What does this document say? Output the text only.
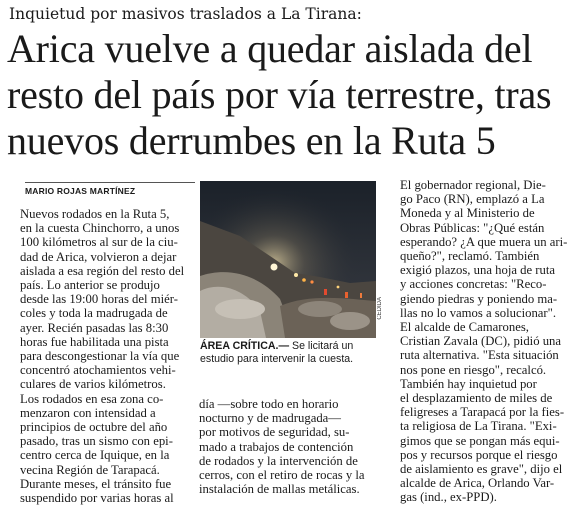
Inquietud por masivos traslados a La Tirana:
Arica vuelve a quedar aislada del
resto del país por vía terrestre, tras
nuevos derrumbes en la Ruta 5
MARIO ROJAS MARTÍNEZ

Nuevos rodados en la Ruta 5,
en la cuesta Chinchorro, a unos
100 kilómetros al sur de la ciu-
dad de Arica, volvieron a dejar
aislada a esa región del resto del
país. Lo anterior se produjo
desde las 19:00 horas del miér-
coles y toda la madrugada de
ayer. Recién pasadas las 8:30
horas fue habilitada una pista
para descongestionar la vía que
concentró atochamientos vehi-
culares de varios kilómetros.

Los rodados en esa zona co-
menzaron con intensidad a
principios de octubre del año
pasado, tras un sismo con epi-
centro cerca de Iquique, en la
vecina Región de Tarapacá.
Durante meses, el tránsito fue
suspendido por varias horas al

día —sobre todo en horario
nocturno y de madrugada—
por motivos de seguridad, su-
mado a trabajos de contención
de rodados y la intervención de
cerros, con el retiro de rocas y la
instalación de mallas metálicas.

El gobernador regional, Die-
go Paco (RN), emplazó a La
Moneda y al Ministerio de
Obras Públicas: "¿Qué están
esperando? ¿A que muera un ari-
queño?", reclamó. También
exigió plazos, una hoja de ruta
y acciones concretas: "Reco-
giendo piedras y poniendo ma-
llas no lo vamos a solucionar".

El alcalde de Camarones,
Cristian Zavala (DC), pidió una
ruta alternativa. "Esta situación
nos pone en riesgo", recalcó.

También hay inquietud por
el desplazamiento de miles de
feligreses a Tarapacá por la fies-
ta religiosa de La Tirana. "Exi-
gimos que se pongan más equi-
pos y recursos porque el riesgo
de aislamiento es grave", dijo el
alcalde de Arica, Orlando Var-
gas (ind., ex-PPD).

CEDIDA
ÁREA CRÍTICA.— Se licitará un
estudio para intervenir la cuesta.
